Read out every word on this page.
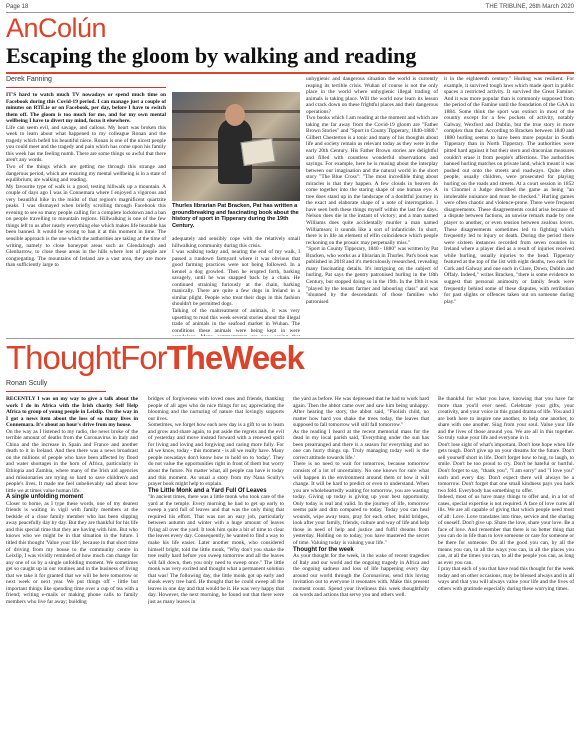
Page 18	THE TRIBUNE, 26th March 2020
AnColún
Escaping the gloom by walking and reading
Derek Fanning

IT'S hard to watch much TV nowadays or spend much time on Facebook during this Covid-19 period. I can manage just a couple of minutes on RTÉ.ie or on Facebook, per day, before I have to switch them off. The gloom is too much for me, and for my own mental wellbeing I have to divert my mind, focus it elsewhere.

Life can seem evil, and savage, and callous. My heart was broken this week to learn about what happened to my colleague Ronan and the tragedy which befell his beautiful niece. Ronan is one of the nicest people you could meet and the tragedy and pain which has come upon his family this week has me feeling numb. There are some things so awful that there aren't any words.

Two of the things which are getting me through this strange and dangerous period, which are ensuring my mental wellbeing is in a state of equilibrium, are walking and reading.

My favourite type of walk is a good, testing hillwalk up a mountain. A couple of days ago I was in Connemara where I enjoyed a vigorous and very beautiful hike in the midst of that region's magnificent quartzite peaks. I was dismayed when briefly scrolling through Facebook this evening to see so many people calling for a complete lockdown and a ban on people travelling to mountain regions. Hillwalking is one of the few things left to us after nearly everything else which makes life bearable has been banned. It would be wrong to ban it at this moment in time. The sensible approach is the one which the authorities are taking at the time of writing, namely to close honeypot areas such as Glendalough and Glenbarrow, to close these areas in the hills where lots of people are congregating. The mountains of Ireland are a vast area, they are more than sufficiently large to

Thurles librarian Pat Bracken, Pat has written a groundbreaking and fascinating book about the history of sport in Tipperary during the 19th Century.

adequately and sensibly cope with the relatively small hillwalking community during this crisis.

I was walking today and, nearing the end of my walk, I passed a rundown farmyard where it was obvious that good farming practices were not being followed. In a kennel a dog growled. Then he erupted forth, barking savagely, until he was snapped back by a chain. He continued straining furiously at the chain, barking manically. There are quite a few dogs in Ireland in a similar plight. People who treat their dogs in this fashion shouldn't be permitted dogs.

Talking of the maltreatment of animals, it was very upsetting to read this week several stories about the illegal trade of animals in the seafood market in Wuhan. The conditions these animals were being kept in were

unhygienic and dangerous situation the world is currently reaping its terrible crisis. Wuhan of course is not the only place in the world where unhygienic illegal trading of animals is taking place. Will the world now learn its lesson and crack down on these frightful places and their dangerous operations?

Two books which I am reading at the moment and which are taking me far away from the Covid-19 gloom are "Father Brown Stories" and "Sport in County Tipperary, 1840-1880." Gilbert Chesterton is a tonic and many of his thoughts about life and society remain as relevant today as they were in the early 20th Century. His Father Brown stories are delightful and filled with countless wonderful observations and sayings. For example, here he is musing about the interplay between our imagination and the natural world in the short story "The Blue Cross": "The most incredible thing about miracles is that they happen. A few clouds in heaven do come together into the staring shape of one human eye. A tree does stand up in the landscape of a doubtful journey in the exact and elaborate shape of a note of interrogation. I have seen both these things myself within the last few days. Nelson does die in the instant of victory; and a man named Williams does quite accidentally murder a man named Williamson; it sounds like a sort of infanticide. In short, there is in life an element of elfin coincidence which people reckoning on the prosaic may perpetually miss."

"Sport in County Tipperary, 1840 - 1880" was written by Pat Bracken, who works as a librarian in Thurles. Pat's book was published in 2018 and it's meticulously researched, revealing many fascinating details. It's intriguing on the subject of hurling. Pat says the gentry patronised hurling in the 18th Century, but stopped doing so in the 19th. In the 19th it was "played by the tenant farmer and labouring class" and was "shunned by the descendants of those families who patronised

it in the eighteenth century." Hurling was resilient. For example, it survived tough laws which made sport in public spaces a restricted activity. It survived the Great Famine. And it was more popular than is commonly supposed from the period of the Famine until the foundation of the GAA in 1884. Some think the sport was extinct in most of the country except for a few pockets of activity, notably Galway, Wexford and Dublin, but the true story is more complex than that. According to Bracken between 1840 and 1880 hurling seems to have been more popular in South Tipperary than in North Tipperary. The authorities were pitted hard against it but their stern and draconian measures couldn't erase it from people's affections. The authorities banned hurling matches on private land, which meant it was pushed out onto the streets and roadways. Quite often people, usually children, were prosecuted for playing hurling on the roads and streets. At a court session in 1852 in Clonmel a Judge described the game as being "an intolerable nuisance and must be checked." Hurling games were often chaotic and violence-prone. There were frequent disagreements. These disagreements could arise because of a dispute between factions, an unwise remark made by one player to another, or even tension between zealous lovers. These disagreements sometimes led to fighting which frequently led to injury or death. During the period there were sixteen instances recorded from seven counties in Ireland where a player died as a result of injuries received while hurling, usually injuries to the head. Tipperary featured at the top of the list with eight deaths, two each for Cork and Galway and one each in Clare, Down, Dublin and Offaly. Indeed," writes Bracken, "there is some evidence to suggest that personal animosity or family feuds were frequently behind some of these disputes, with retribution for past slights or offences taken out on someone during play."

ThoughtForTheWeek
Ronan Scully

RECENTLY I was on my way to give a talk about the work I do in Africa with the Irish charity Self Help Africa to group of young people in Leixlip. On the way in I got a news item about the loss of so many lives in Connemara. It's about an hour's drive from my house.

On the way as I listened to my radio, the news broke of the terrible amount of deaths from the Coronavirus in Italy and China and the increase in Spain and France and another death to it in Ireland. And then there was a news broadcast on the millions of people who have been affected by flood and water shortages in the horn of Africa, particularly in Ethiopia and Zambia, where many of the Irish aid agencies and missionaries are trying so hard to save children's and people's lives. It made me feel unbelievably sad about how little we at times value human life.

A single unfolding moment

Closer to home, as I type these words, one of my dearest friends is waiting in vigil with family members at the bedside of a close family member who has been slipping away peacefully day by day. But they are thankful for his life and this special time that they are having with him. But who knows who we might be in that situation in the future. I titled this thought 'Value your life', because in that short time of driving from my house to the community centre in Leixlip, I was vividly reminded of how much can change for any one of us by a single unfolding moment. We sometimes get so caught up in our routines and in the business of living that we take it for granted that we will be here tomorrow or next week or next year. We put things off - little but important things like spending time over a cup of tea with a friend; writing e-mails or making phone calls to family members who live far away; building

bridges of forgiveness with loved ones and friends, thanking people of all ages who do nice things for us; appreciating the blooming and the nurturing of nature that lovingly supports our lives.

Sometimes, we forget how each new day is a gift to us to learn and grow and share again, to put aside the regrets and the evil of yesterday and move instead forward with a renewed spirit for living and loving and forgiving and caring more fully. For all we know, today - this moment - is all we really have. Many people nowadays don't know how to hold on to 'today'. They do not value the opportunities right in front of them but worry about the future. No matter what, all people can have is today and this moment. As usual a story from my Nana Scully's prayer book might help to explain.

The Little Monk and a Yard Full Of Leaves

"In ancient times, there was a little monk who took care of the yard at the temple. Every morning he had to get up early to sweep a yard full of leaves and that was the only thing that required his effort. That was not an easy job, particularly between autumn and winter with a huge amount of leaves flying all over the yard. It took him quite a bit of time to clear the leaves every day. Consequently, he wanted to find a way to make his life easier. Later another monk, who considered himself bright, told the little monk, "Why don't you shake the tree really hard before you sweep tomorrow and all the leaves will fall down, then you only need to sweep once." The little monk was very excited and thought what a permanent solution that was! The following day, the little monk got up early and shook every tree hard. He thought that he could sweep all the leaves in one day and that would be it. He was very happy that day. However, the next morning, he found out that there were just as many leaves in

the yard as before. He was depressed that he had to work hard again. Then the abbot came over and saw him being unhappy. After hearing the story, the abbot said, "Foolish child, no matter how hard you shake the trees today, the leaves that supposed to fall tomorrow will still fall tomorrow."

As the reading I heard at the recent memorial mass for the dead in my local parish said, 'Everything under the sun has been prearranged and there is a season for everything and no one can hurry things up. Truly managing today well is the correct attitude towards life.'

There is no need to wait for tomorrow, because tomorrow consists of a lot of uncertainty. No one knows for sure what will happen in the environment around them or how it will change. It will be hard to predict or even to understand. When you are wholeheartedly waiting for tomorrow, you are wasting today. Giving up today is giving up your best opportunity. Only today is real and valid. In the journey of life, tomorrow seems pale and dim compared to today. Today you can heal wounds, wipe away tears, pray for each other, build bridges, look after your family, friends, culture and way of life and help those in need of help and justice and fulfil dreams from yesterday. Holding on to today, you have mastered the secret of time. Valuing today is valuing your life."

Thought for the week

As your thought for the week, in the wake of recent tragedies of Italy and our world and the ongoing tragedy in Africa and the ongoing sadness and loss of life happening every day around our world through the Coronavirus, send this loving invitation out to everyone it resonates with. Make this present moment count. Spend your liveliness this week thoughtfully on words and actions that serve you and others well.

Be thankful for what you have, knowing that you have far more than you'll ever need. Celebrate your gifts, your creativity, and your voice in this grand drama of life. You and I are both here to inspire one another, to help one another, to share with one another. Sing from your soul. Value your life and the lives of those around you. We are all in this together. So truly value your life and everyone in it.

Don't lose sight of what's important. Don't lose hope when life gets tough. Don't give up on your dreams for the future. Don't sell yourself short in life. Don't forget how to hug, to laugh, to smile. Don't be too proud to cry. Don't be hateful or hurtful. Don't forget to say, "thank you", "I am sorry" and "I love you" each and every day. Don't expect there will always be a tomorrow. Don't forget that one small kindness pays you back two fold. Everybody has something to offer.

Indeed, most of us have many things to offer and, in a lot of cases, special expertise is not required. A face of love cures all ills. We are all capable of giving that which people need most of all: Love. Love translates into time, service and the sharing of oneself. Don't give up. Share the love, share your love. Be a face of love. And remember that there is no better thing that you can do in life than to love someone or care for someone or be there for someone. Do all the good you can, by all the means you can, in all the ways you can, in all the places you can, at all the times you can, to all the people you can, as long as ever you can.

I pray that each of you that have read this thought for the week today and on other occasions, may be blessed always and in all ways and that you will always value your life and the lives of others with gratitude especially during these worrying times.
